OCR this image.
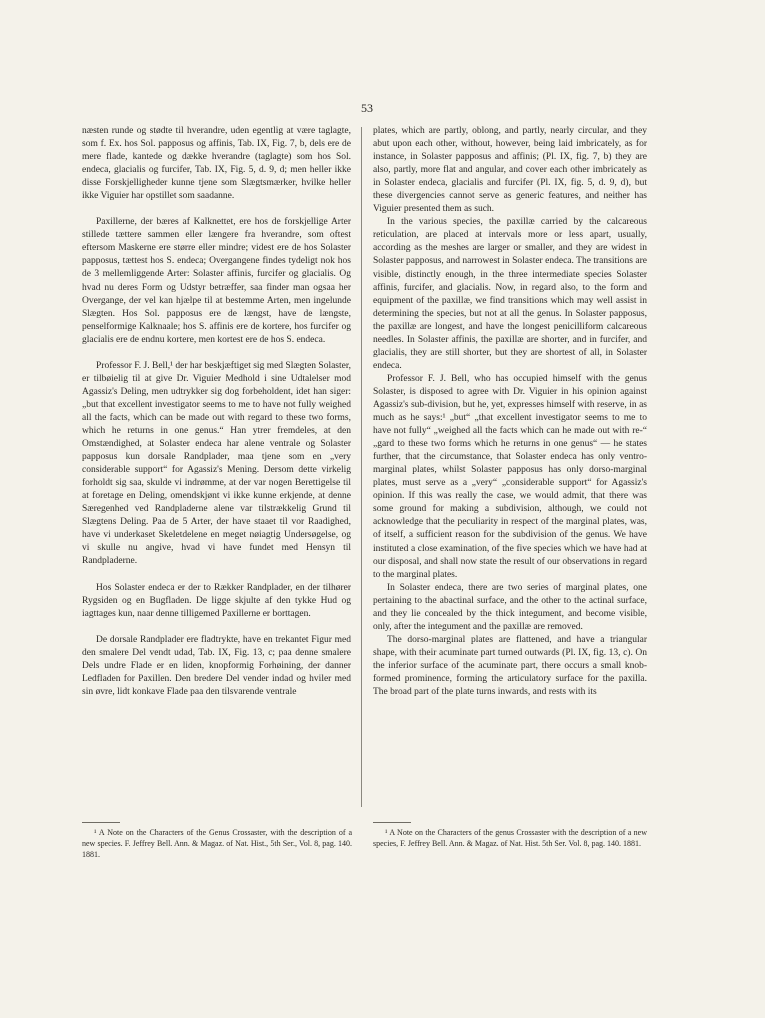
53

næsten runde og stødte til hverandre, uden egentlig at være taglagte, som f. Ex. hos Sol. papposus og affinis, Tab. IX, Fig. 7, b, dels ere de mere flade, kantede og dække hverandre (taglagte) som hos Sol. endeca, glacialis og furcifer, Tab. IX, Fig. 5, d. 9, d; men heller ikke disse Forskjelligheder kunne tjene som Slægtsmærker, hvilke heller ikke Viguier har opstillet som saadanne.

Paxillerne, der bæres af Kalknettet, ere hos de forskjellige Arter stillede tættere sammen eller længere fra hverandre, som oftest eftersom Maskerne ere større eller mindre; videst ere de hos Solaster papposus, tættest hos S. endeca; Overgangene findes tydeligt nok hos de 3 mellemliggende Arter: Solaster affinis, furcifer og glacialis. Og hvad nu deres Form og Udstyr betræffer, saa finder man ogsaa her Overgange, der vel kan hjælpe til at bestemme Arten, men ingelunde Slægten. Hos Sol. papposus ere de længst, have de længste, penselformige Kalknaale; hos S. affinis ere de kortere, hos furcifer og glacialis ere de endnu kortere, men kortest ere de hos S. endeca.

Professor F. J. Bell,¹ der har beskjæftiget sig med Slægten Solaster, er tilbøielig til at give Dr. Viguier Medhold i sine Udtalelser mod Agassiz's Deling, men udtrykker sig dog forbeholdent, idet han siger: „but that excellent investigator seems to me to have not fully weighed all the facts, which can be made out with regard to these two forms, which he returns in one genus.“ Han ytrer fremdeles, at den Omstændighed, at Solaster endeca har alene ventrale og Solaster papposus kun dorsale Randplader, maa tjene som en „very considerable support“ for Agassiz's Mening. Dersom dette virkelig forholdt sig saa, skulde vi indrømme, at der var nogen Berettigelse til at foretage en Deling, omendskjønt vi ikke kunne erkjende, at denne Særegenhed ved Randpladerne alene var tilstrækkelig Grund til Slægtens Deling. Paa de 5 Arter, der have staaet til vor Raadighed, have vi underkaset Skeletdelene en meget nøiagtig Undersøgelse, og vi skulle nu angive, hvad vi have fundet med Hensyn til Randpladerne.

Hos Solaster endeca er der to Rækker Randplader, en der tilhører Rygsiden og en Bugfladen. De ligge skjulte af den tykke Hud og iagttages kun, naar denne tilligemed Paxillerne er borttagen.

De dorsale Randplader ere fladtrykte, have en trekantet Figur med den smalere Del vendt udad, Tab. IX, Fig. 13, c; paa denne smalere Dels undre Flade er en liden, knopformig Forhøining, der danner Ledfladen for Paxillen. Den bredere Del vender indad og hviler med sin øvre, lidt konkave Flade paa den tilsvarende ventrale

plates, which are partly, oblong, and partly, nearly circular, and they abut upon each other, without, however, being laid imbricately, as for instance, in Solaster papposus and affinis; (Pl. IX, fig. 7, b) they are also, partly, more flat and angular, and cover each other imbricately as in Solaster endeca, glacialis and furcifer (Pl. IX, fig. 5, d. 9, d), but these divergencies cannot serve as generic features, and neither has Viguier presented them as such.

In the various species, the paxillæ carried by the calcareous reticulation, are placed at intervals more or less apart, usually, according as the meshes are larger or smaller, and they are widest in Solaster papposus, and narrowest in Solaster endeca. The transitions are visible, distinctly enough, in the three intermediate species Solaster affinis, furcifer, and glacialis. Now, in regard also, to the form and equipment of the paxillæ, we find transitions which may well assist in determining the species, but not at all the genus. In Solaster papposus, the paxillæ are longest, and have the longest penicilliform calcareous needles. In Solaster affinis, the paxillæ are shorter, and in furcifer, and glacialis, they are still shorter, but they are shortest of all, in Solaster endeca.

Professor F. J. Bell, who has occupied himself with the genus Solaster, is disposed to agree with Dr. Viguier in his opinion against Agassiz's sub-division, but he, yet, expresses himself with reserve, in as much as he says:¹ „but“ „that excellent investigator seems to me to have not fully“ „weighed all the facts which can he made out with re-“ „gard to these two forms which he returns in one genus“ — he states further, that the circumstance, that Solaster endeca has only ventro-marginal plates, whilst Solaster papposus has only dorso-marginal plates, must serve as a „very“ „considerable support“ for Agassiz's opinion. If this was really the case, we would admit, that there was some ground for making a subdivision, although, we could not acknowledge that the peculiarity in respect of the marginal plates, was, of itself, a sufficient reason for the subdivision of the genus. We have instituted a close examination, of the five species which we have had at our disposal, and shall now state the result of our observations in regard to the marginal plates.

In Solaster endeca, there are two series of marginal plates, one pertaining to the abactinal surface, and the other to the actinal surface, and they lie concealed by the thick integument, and become visible, only, after the integument and the paxillæ are removed.

The dorso-marginal plates are flattened, and have a triangular shape, with their acuminate part turned outwards (Pl. IX, fig. 13, c). On the inferior surface of the acuminate part, there occurs a small knob-formed prominence, forming the articulatory surface for the paxilla. The broad part of the plate turns inwards, and rests with its

¹ A Note on the Characters of the Genus Crossaster, with the description of a new species. F. Jeffrey Bell. Ann. & Magaz. of Nat. Hist., 5th Ser., Vol. 8, pag. 140. 1881.
¹ A Note on the Characters of the genus Crossaster with the description of a new species, F. Jeffrey Bell. Ann. & Magaz. of Nat. Hist. 5th Ser. Vol. 8, pag. 140. 1881.
